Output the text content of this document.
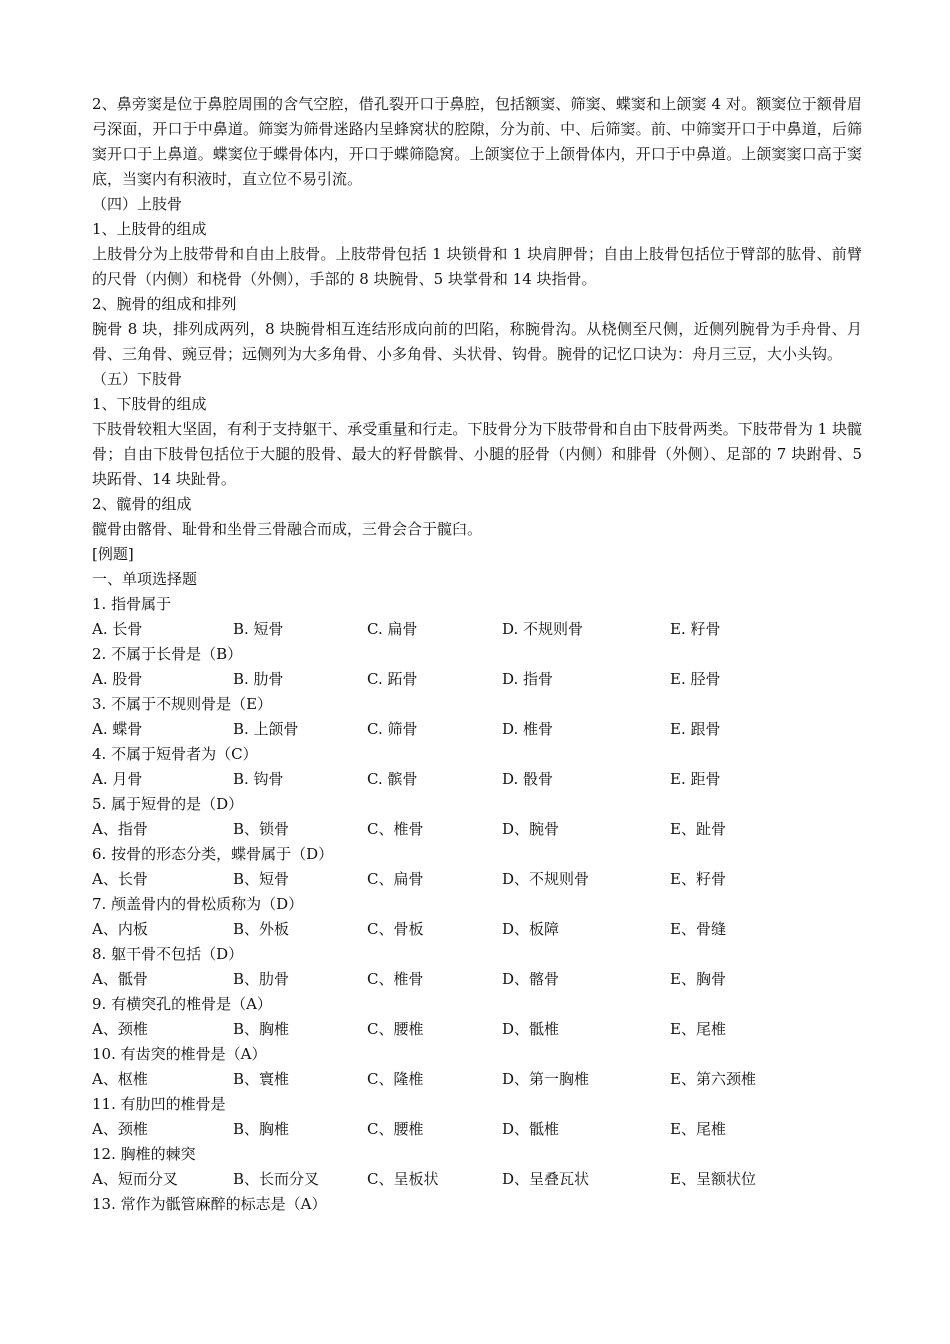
2、鼻旁窦是位于鼻腔周围的含气空腔，借孔裂开口于鼻腔，包括额窦、筛窦、蝶窦和上颌窦 4 对。额窦位于额骨眉弓深面，开口于中鼻道。筛窦为筛骨迷路内呈蜂窝状的腔隙，分为前、中、后筛窦。前、中筛窦开口于中鼻道，后筛窦开口于上鼻道。蝶窦位于蝶骨体内，开口于蝶筛隐窝。上颌窦位于上颌骨体内，开口于中鼻道。上颌窦窦口高于窦底，当窦内有积液时，直立位不易引流。

（四）上肢骨

1、上肢骨的组成

上肢骨分为上肢带骨和自由上肢骨。上肢带骨包括 1 块锁骨和 1 块肩胛骨；自由上肢骨包括位于臂部的肱骨、前臂的尺骨（内侧）和桡骨（外侧），手部的 8 块腕骨、5 块掌骨和 14 块指骨。

2、腕骨的组成和排列

腕骨 8 块，排列成两列，8 块腕骨相互连结形成向前的凹陷，称腕骨沟。从桡侧至尺侧，近侧列腕骨为手舟骨、月骨、三角骨、豌豆骨；远侧列为大多角骨、小多角骨、头状骨、钩骨。腕骨的记忆口诀为：舟月三豆，大小头钩。

（五）下肢骨

1、下肢骨的组成

下肢骨较粗大坚固，有利于支持躯干、承受重量和行走。下肢骨分为下肢带骨和自由下肢骨两类。下肢带骨为 1 块髋骨；自由下肢骨包括位于大腿的股骨、最大的籽骨髌骨、小腿的胫骨（内侧）和腓骨（外侧）、足部的 7 块跗骨、5 块跖骨、14 块趾骨。

2、髋骨的组成

髋骨由髂骨、耻骨和坐骨三骨融合而成，三骨会合于髋臼。

[例题]

一、单项选择题

1. 指骨属于

A. 长骨	B. 短骨	C. 扁骨	D. 不规则骨	E. 籽骨

2. 不属于长骨是（B）

A. 股骨	B. 肋骨	C. 跖骨	D. 指骨	E. 胫骨

3. 不属于不规则骨是（E）

A. 蝶骨	B. 上颌骨	C. 筛骨	D. 椎骨	E. 跟骨

4. 不属于短骨者为（C）

A. 月骨	B. 钩骨	C. 髌骨	D. 骰骨	E. 距骨

5. 属于短骨的是（D）

A、指骨	B、锁骨	C、椎骨	D、腕骨	E、趾骨

6. 按骨的形态分类，蝶骨属于（D）

A、长骨	B、短骨	C、扁骨	D、不规则骨	E、籽骨

7. 颅盖骨内的骨松质称为（D）

A、内板	B、外板	C、骨板	D、板障	E、骨缝

8. 躯干骨不包括（D）

A、骶骨	B、肋骨	C、椎骨	D、髂骨	E、胸骨

9. 有横突孔的椎骨是（A）

A、颈椎	B、胸椎	C、腰椎	D、骶椎	E、尾椎

10. 有齿突的椎骨是（A）

A、枢椎	B、寰椎	C、隆椎	D、第一胸椎	E、第六颈椎

11. 有肋凹的椎骨是

A、颈椎	B、胸椎	C、腰椎	D、骶椎	E、尾椎

12. 胸椎的棘突

A、短而分叉	B、长而分叉	C、呈板状	D、呈叠瓦状	E、呈额状位

13. 常作为骶管麻醉的标志是（A）
